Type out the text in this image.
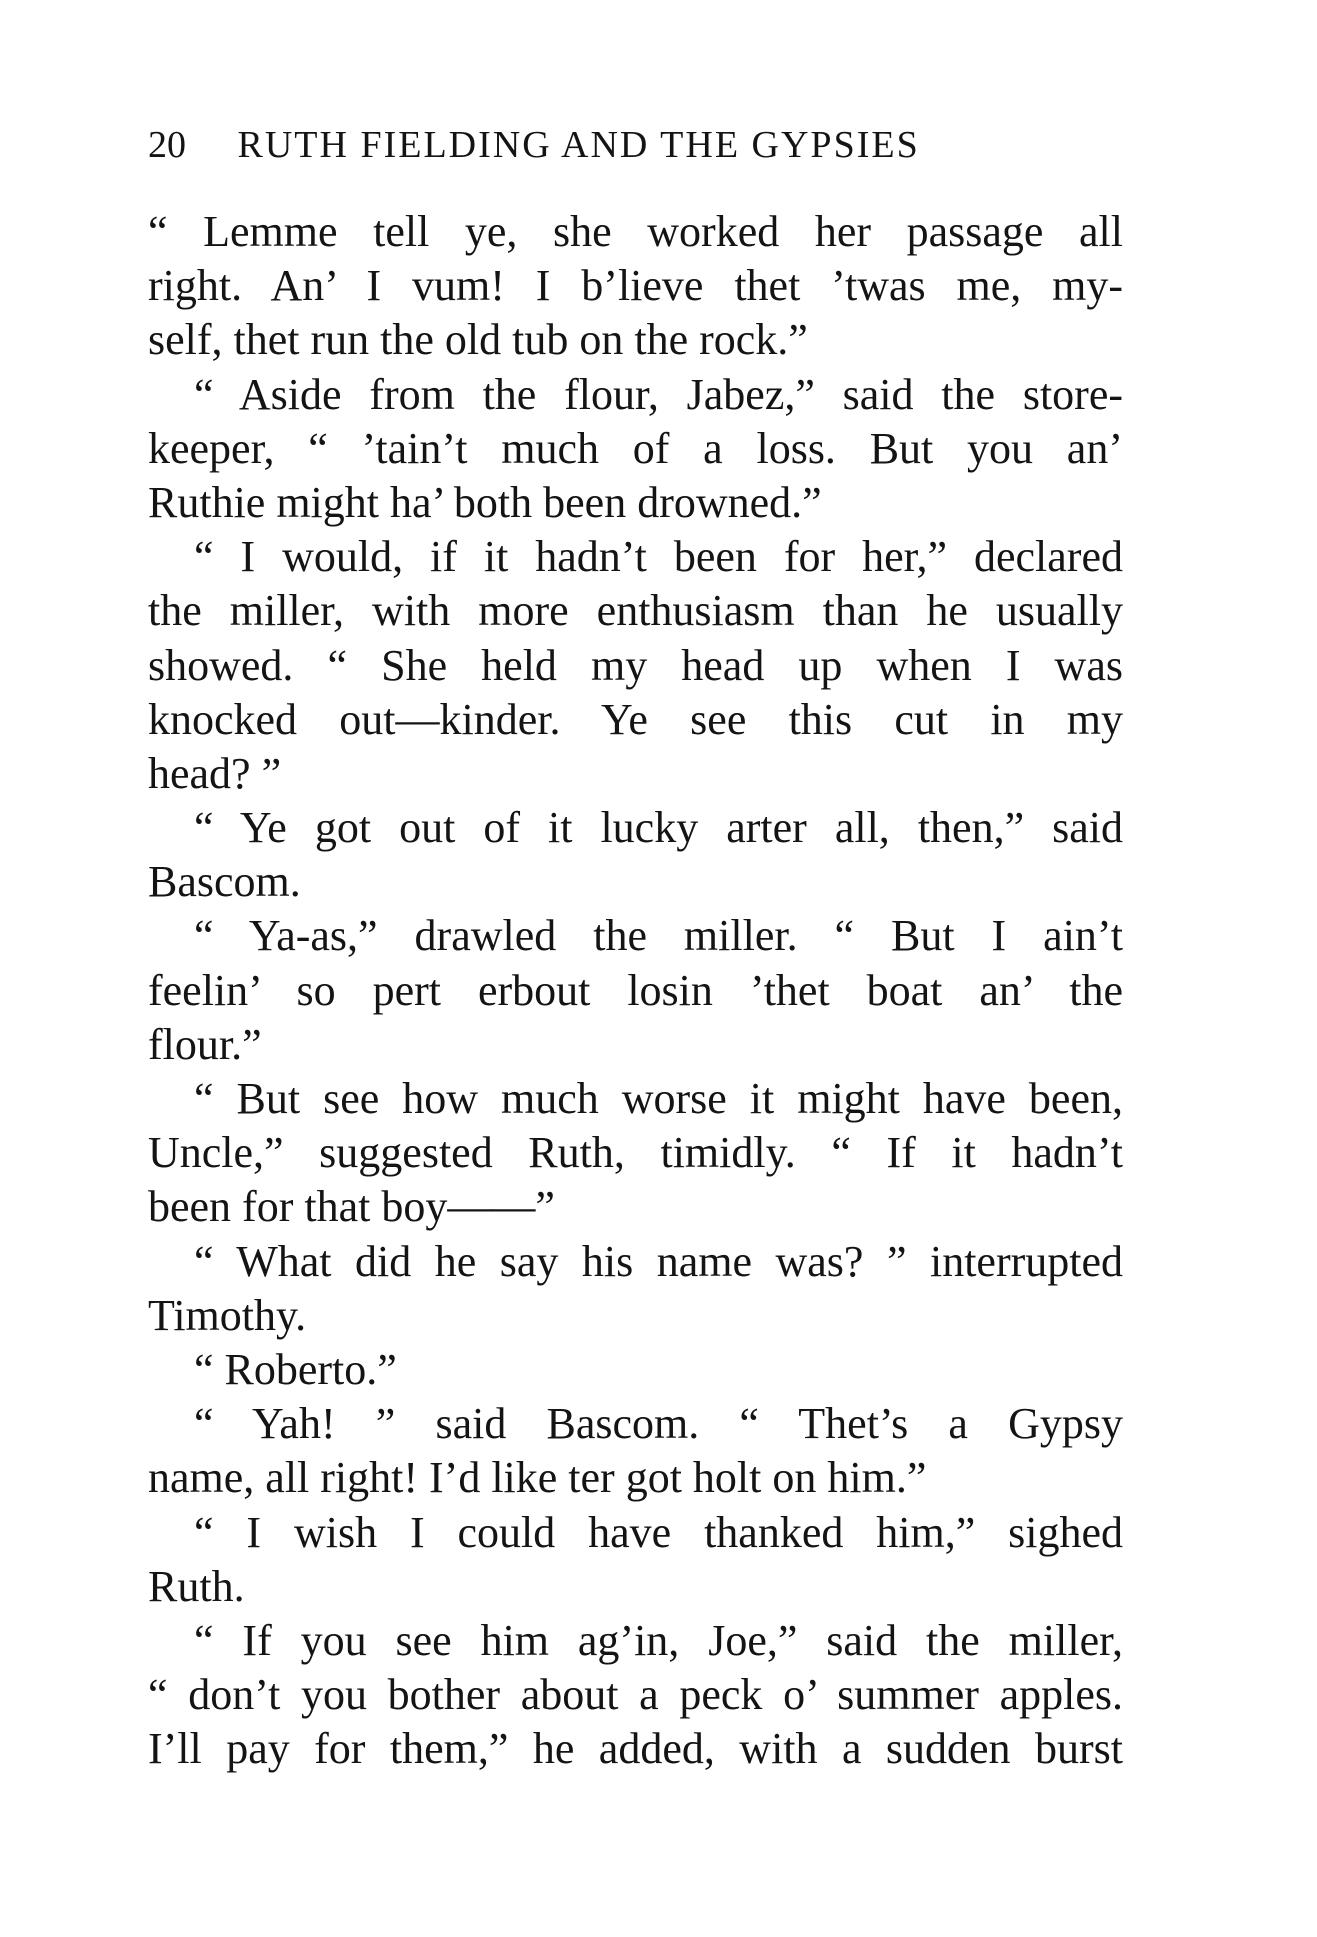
20 RUTH FIELDING AND THE GYPSIES
“ Lemme tell ye, she worked her passage all
right. An’ I vum! I b’lieve thet ’twas me, my-
self, thet run the old tub on the rock.”
“ Aside from the flour, Jabez,” said the store-
keeper, “ ’tain’t much of a loss. But you an’
Ruthie might ha’ both been drowned.”
“ I would, if it hadn’t been for her,” declared
the miller, with more enthusiasm than he usually
showed. “ She held my head up when I was
knocked out—kinder. Ye see this cut in my
head? ”
“ Ye got out of it lucky arter all, then,” said
Bascom.
“ Ya-as,” drawled the miller. “ But I ain’t
feelin’ so pert erbout losin ’thet boat an’ the
flour.”
“ But see how much worse it might have been,
Uncle,” suggested Ruth, timidly. “ If it hadn’t
been for that boy——”
“ What did he say his name was? ” interrupted
Timothy.
“ Roberto.”
“ Yah! ” said Bascom. “ Thet’s a Gypsy
name, all right! I’d like ter got holt on him.”
“ I wish I could have thanked him,” sighed
Ruth.
“ If you see him ag’in, Joe,” said the miller,
“ don’t you bother about a peck o’ summer apples.
I’ll pay for them,” he added, with a sudden burst
